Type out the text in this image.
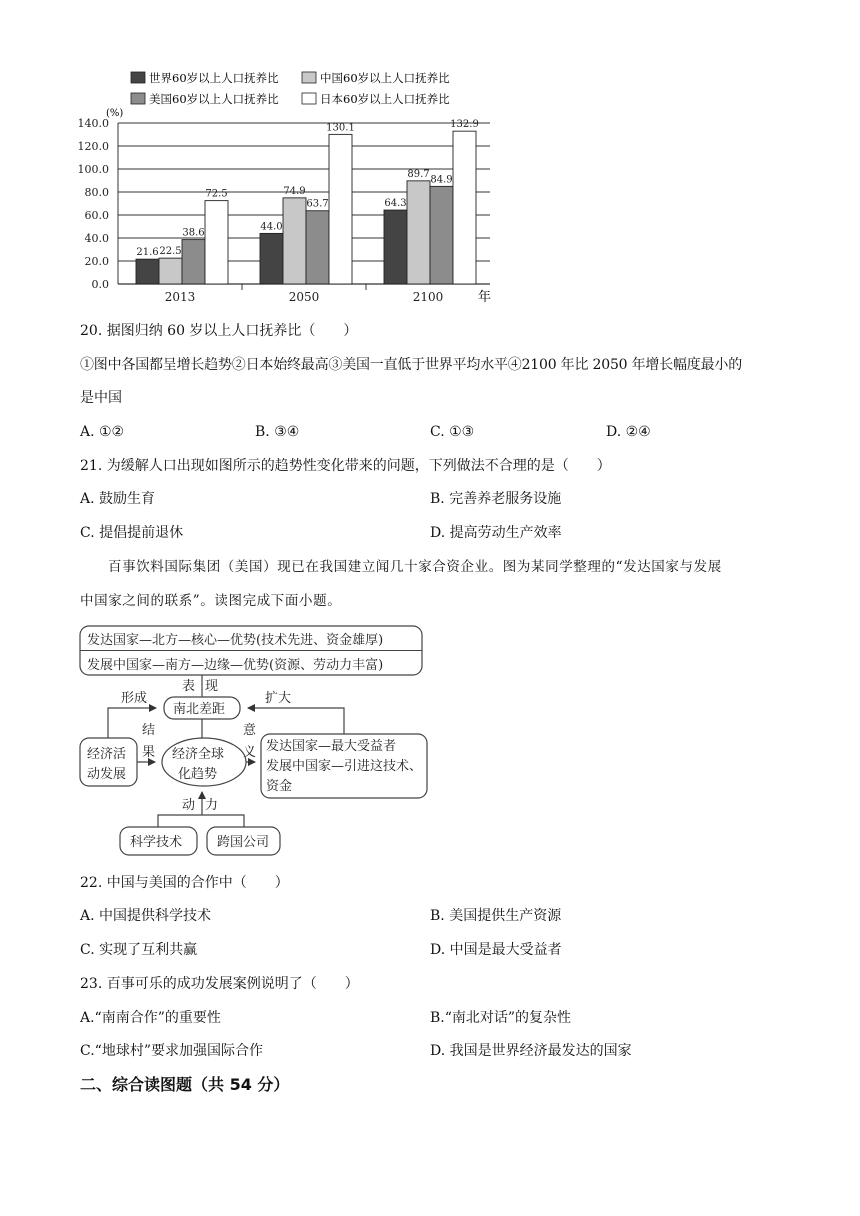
世界60岁以上人口抚养比	中国60岁以上人口抚养比
美国60岁以上人口抚养比	日本60岁以上人口抚养比
(%)
21.6 22.5
38.6
72.5
44.0
74.9
63.7
130.1
64.3
89.7
84.9
132.9
0.0
20.0
40.0
60.0
80.0
100.0
120.0
140.0
2013	2050	2100	年
20. 据图归纳 60 岁以上人口抚养比（　　）
①图中各国都呈增长趋势②日本始终最高③美国一直低于世界平均水平④2100 年比 2050 年增长幅度最小的
是中国
A. ①②	B. ③④	C. ①③	D. ②④
21. 为缓解人口出现如图所示的趋势性变化带来的问题，下列做法不合理的是（　　）
A. 鼓励生育	B. 完善养老服务设施
C. 提倡提前退休	D. 提高劳动生产效率
百事饮料国际集团（美国）现已在我国建立闻几十家合资企业。图为某同学整理的“发达国家与发展
中国家之间的联系”。读图完成下面小题。
发达国家—北方—核心—优势(技术先进、资金雄厚)
发展中国家—南方—边缘—优势(资源、劳动力丰富)
表 现
南北差距
形成	扩大
结
果
意
义
经济活
动发展
经济全球
化趋势
发达国家—最大受益者
发展中国家—引进这技术、
资金
动 力
科学技术	跨国公司
22. 中国与美国的合作中（　　）
A. 中国提供科学技术	B. 美国提供生产资源
C. 实现了互利共赢	D. 中国是最大受益者
23. 百事可乐的成功发展案例说明了（　　）
A.“南南合作”的重要性	B.“南北对话”的复杂性
C.“地球村”要求加强国际合作	D. 我国是世界经济最发达的国家
二、综合读图题（共 54 分）
